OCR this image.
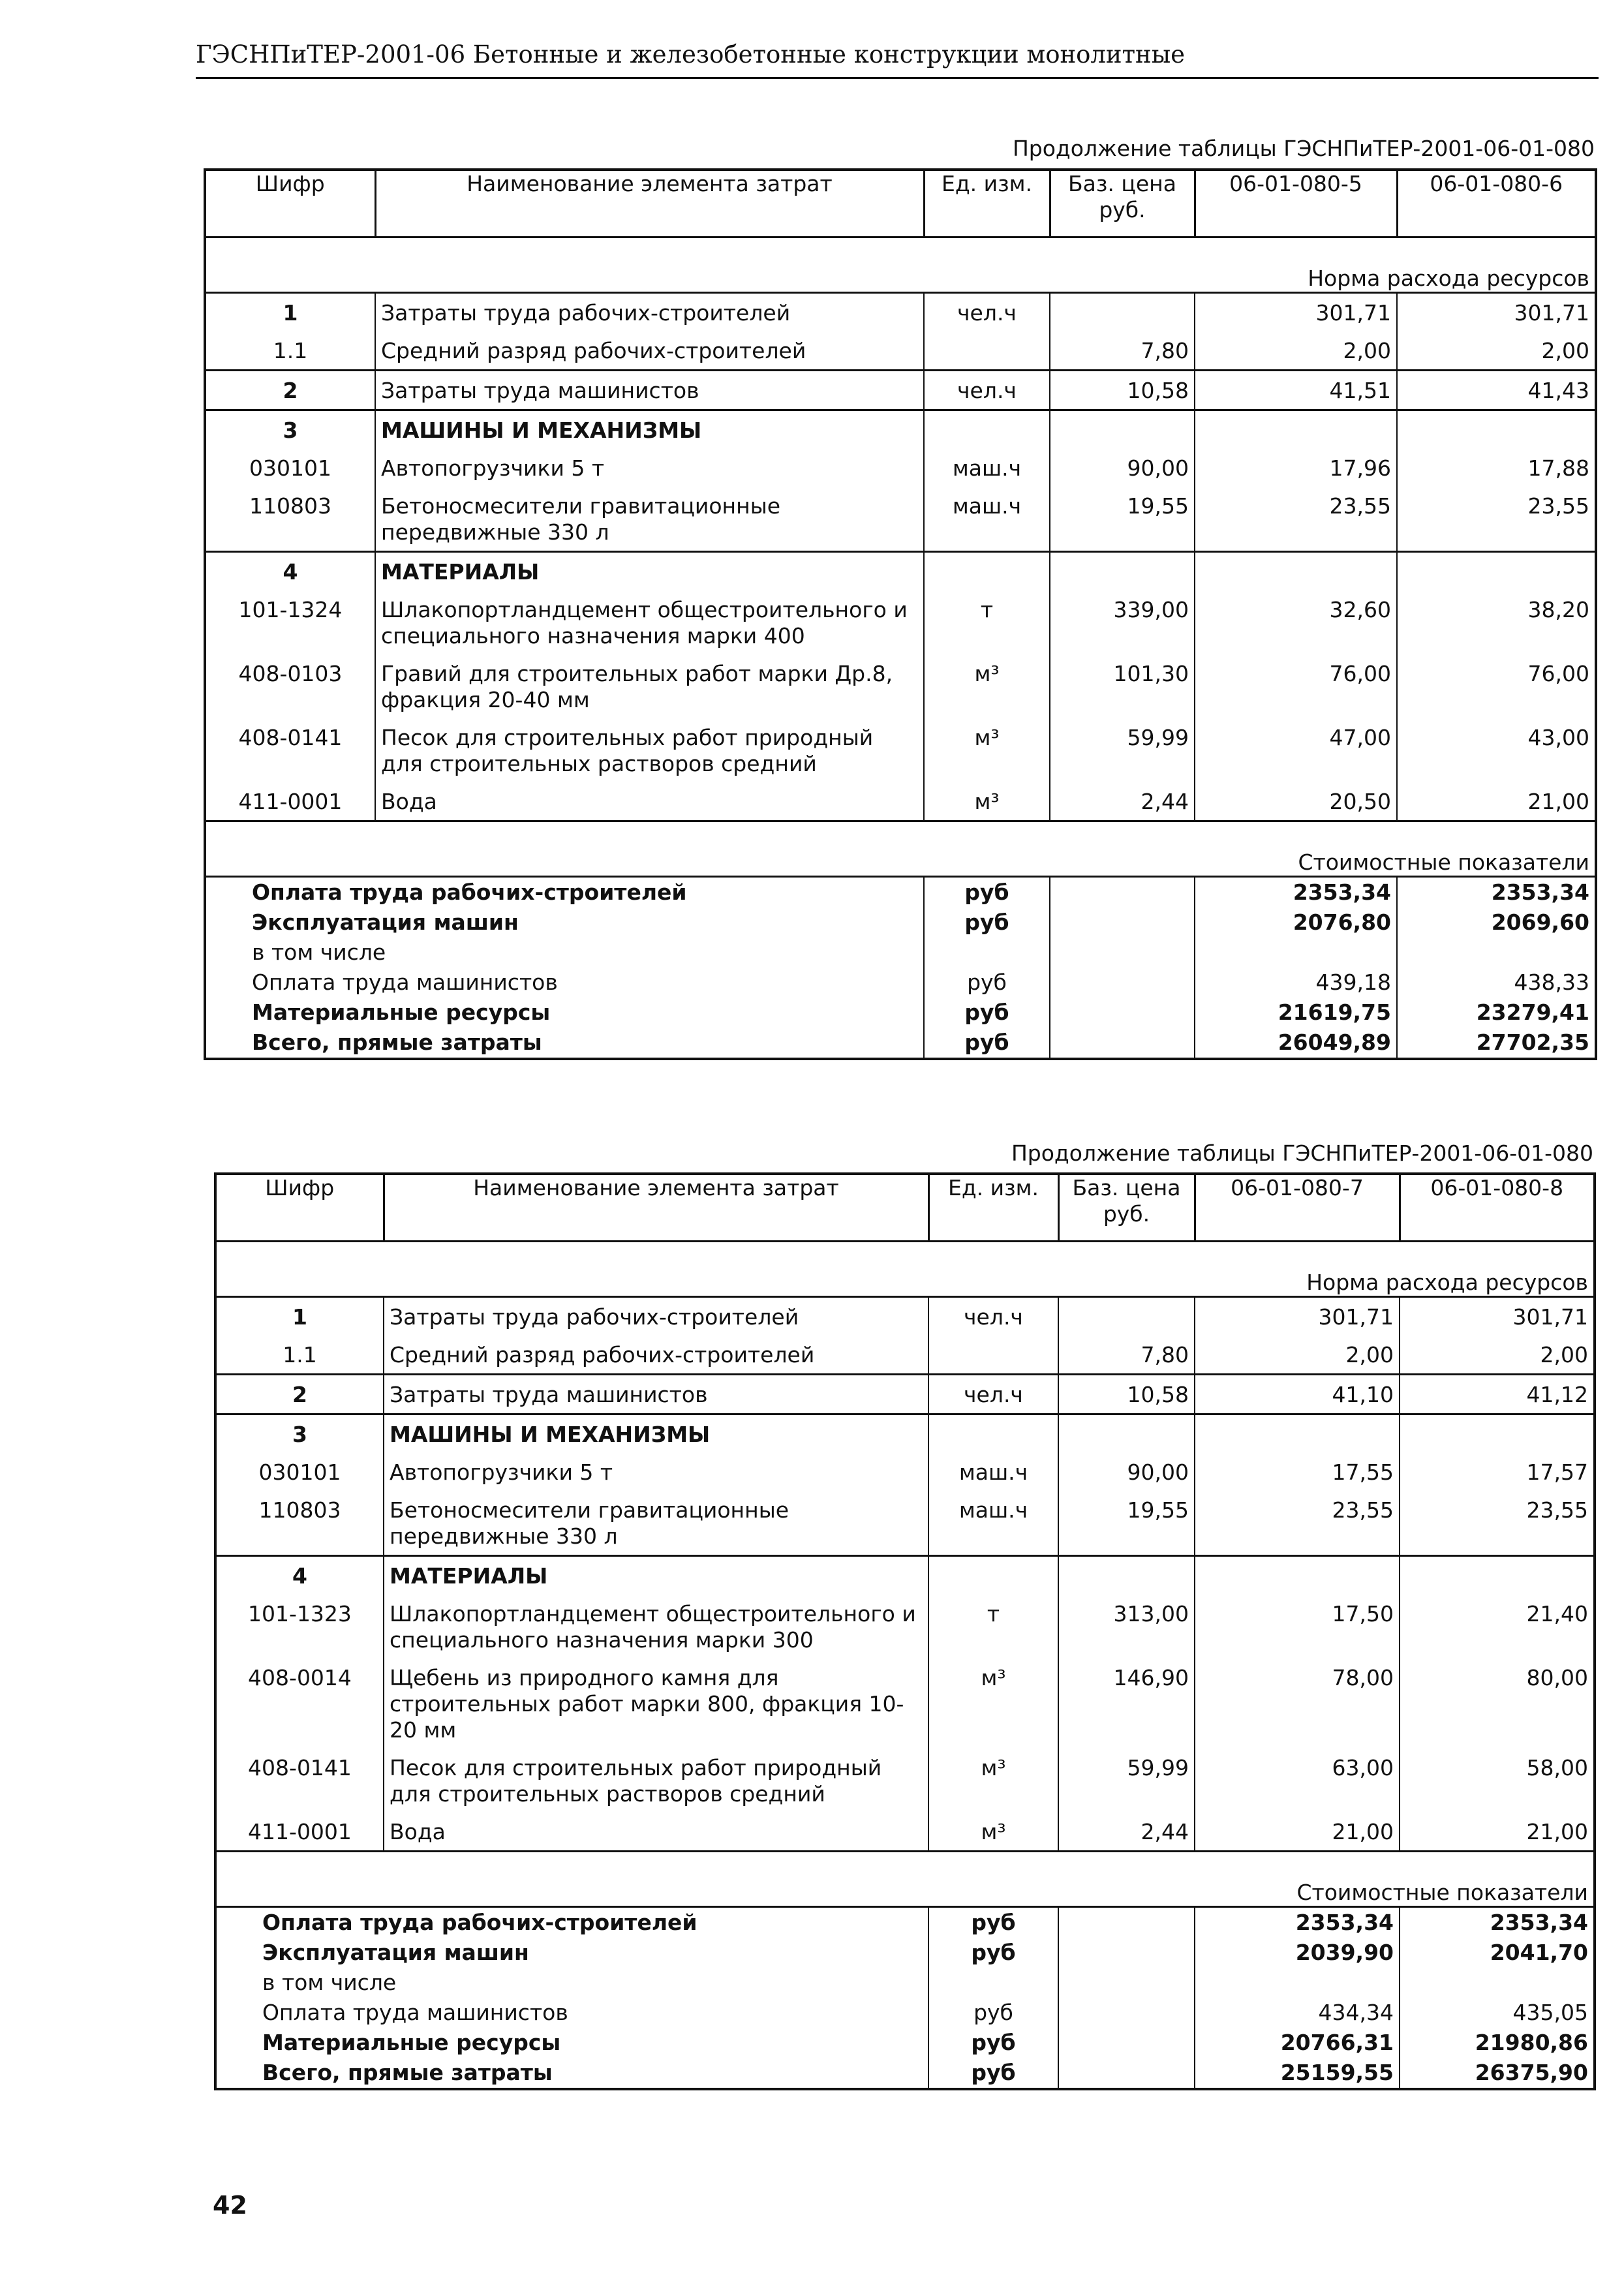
ГЭСНПиТЕР-2001-06 Бетонные и железобетонные конструкции монолитные
Продолжение таблицы ГЭСНПиТЕР-2001-06-01-080
Шифр	Наименование элемента затрат	Ед. изм.	Баз. цена руб.	06-01-080-5	06-01-080-6
Норма расхода ресурсов					
1	Затраты труда рабочих-строителей	чел.ч		301,71	301,71
1.1	Средний разряд рабочих-строителей		7,80	2,00	2,00
2	Затраты труда машинистов	чел.ч	10,58	41,51	41,43
3	МАШИНЫ И МЕХАНИЗМЫ				
030101	Автопогрузчики 5 т	маш.ч	90,00	17,96	17,88
110803	Бетоносмесители гравитационные передвижные 330 л	маш.ч	19,55	23,55	23,55
4	МАТЕРИАЛЫ				
101-1324	Шлакопортландцемент общестроительного и специального назначения марки 400	т	339,00	32,60	38,20
408-0103	Гравий для строительных работ марки Др.8, фракция 20-40 мм	м³	101,30	76,00	76,00
408-0141	Песок для строительных работ природный для строительных растворов средний	м³	59,99	47,00	43,00
411-0001	Вода	м³	2,44	20,50	21,00
Стоимостные показатели					
Оплата труда рабочих-строителей		руб		2353,34	2353,34
Эксплуатация машин		руб		2076,80	2069,60
в том числе					
Оплата труда машинистов		руб		439,18	438,33
Материальные ресурсы		руб		21619,75	23279,41
Всего, прямые затраты		руб		26049,89	27702,35
Продолжение таблицы ГЭСНПиТЕР-2001-06-01-080
Шифр	Наименование элемента затрат	Ед. изм.	Баз. цена руб.	06-01-080-7	06-01-080-8
Норма расхода ресурсов					
1	Затраты труда рабочих-строителей	чел.ч		301,71	301,71
1.1	Средний разряд рабочих-строителей		7,80	2,00	2,00
2	Затраты труда машинистов	чел.ч	10,58	41,10	41,12
3	МАШИНЫ И МЕХАНИЗМЫ				
030101	Автопогрузчики 5 т	маш.ч	90,00	17,55	17,57
110803	Бетоносмесители гравитационные передвижные 330 л	маш.ч	19,55	23,55	23,55
4	МАТЕРИАЛЫ				
101-1323	Шлакопортландцемент общестроительного и специального назначения марки 300	т	313,00	17,50	21,40
408-0014	Щебень из природного камня для строительных работ марки 800, фракция 10-20 мм	м³	146,90	78,00	80,00
408-0141	Песок для строительных работ природный для строительных растворов средний	м³	59,99	63,00	58,00
411-0001	Вода	м³	2,44	21,00	21,00
Стоимостные показатели					
Оплата труда рабочих-строителей		руб		2353,34	2353,34
Эксплуатация машин		руб		2039,90	2041,70
в том числе					
Оплата труда машинистов		руб		434,34	435,05
Материальные ресурсы		руб		20766,31	21980,86
Всего, прямые затраты		руб		25159,55	26375,90
42
